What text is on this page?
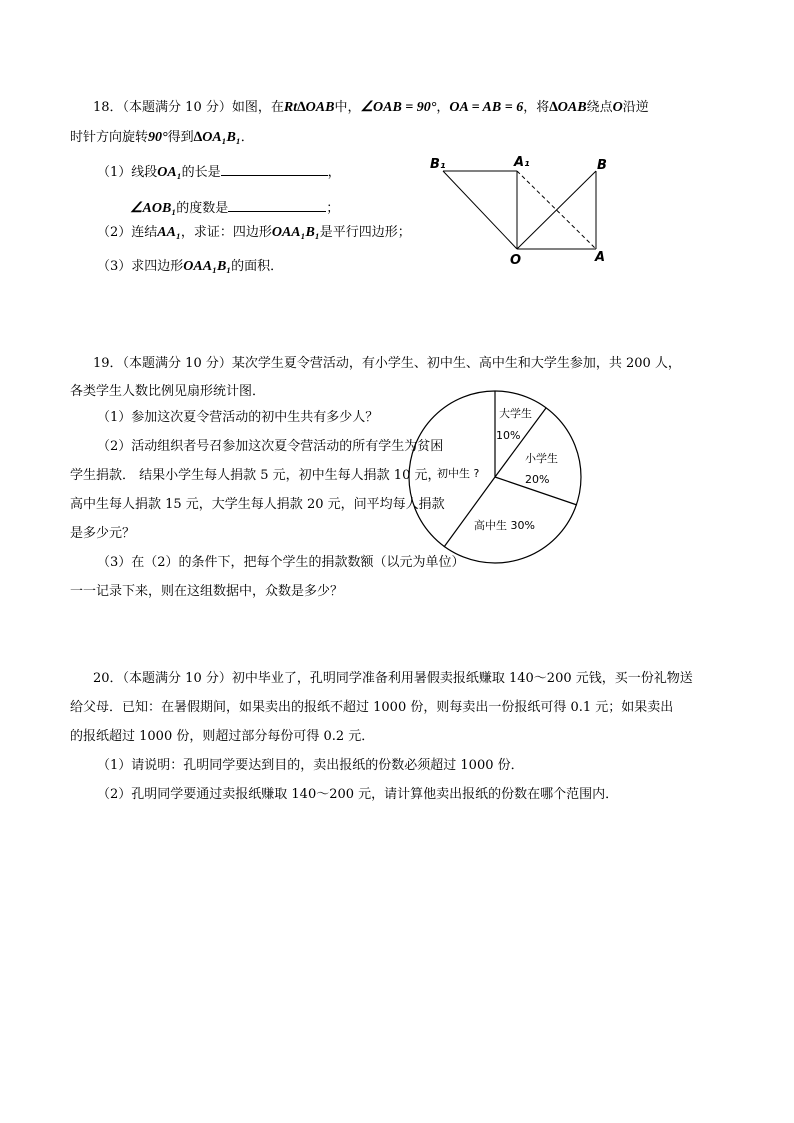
18．（本题满分 10 分）如图，在Rt∆OAB中，∠OAB = 90°，OA = AB = 6，将∆OAB绕点O沿逆
时针方向旋转90°得到∆OA₁B₁．
（1）线段OA₁的长是	，
∠AOB₁的度数是	；
（2）连结AA₁，求证：四边形OAA₁B₁是平行四边形；
（3）求四边形OAA₁B₁的面积．
B₁	A₁	B
O	A
大学生
10%
小学生
20%
高中生 30%
初中生 ?
19．（本题满分 10 分）某次学生夏令营活动，有小学生、初中生、高中生和大学生参加，共 200 人，
各类学生人数比例见扇形统计图．
（1）参加这次夏令营活动的初中生共有多少人？
（2）活动组织者号召参加这次夏令营活动的所有学生为贫困
学生捐款． 结果小学生每人捐款 5 元，初中生每人捐款 10 元，
高中生每人捐款 15 元，大学生每人捐款 20 元，问平均每人捐款
是多少元？
（3）在（2）的条件下，把每个学生的捐款数额（以元为单位）
一一记录下来，则在这组数据中，众数是多少？
20．（本题满分 10 分）初中毕业了，孔明同学准备利用暑假卖报纸赚取 140～200 元钱，买一份礼物送
给父母．已知：在暑假期间，如果卖出的报纸不超过 1000 份，则每卖出一份报纸可得 0.1 元；如果卖出
的报纸超过 1000 份，则超过部分每份可得 0.2 元．
（1）请说明：孔明同学要达到目的，卖出报纸的份数必须超过 1000 份．
（2）孔明同学要通过卖报纸赚取 140～200 元，请计算他卖出报纸的份数在哪个范围内．
